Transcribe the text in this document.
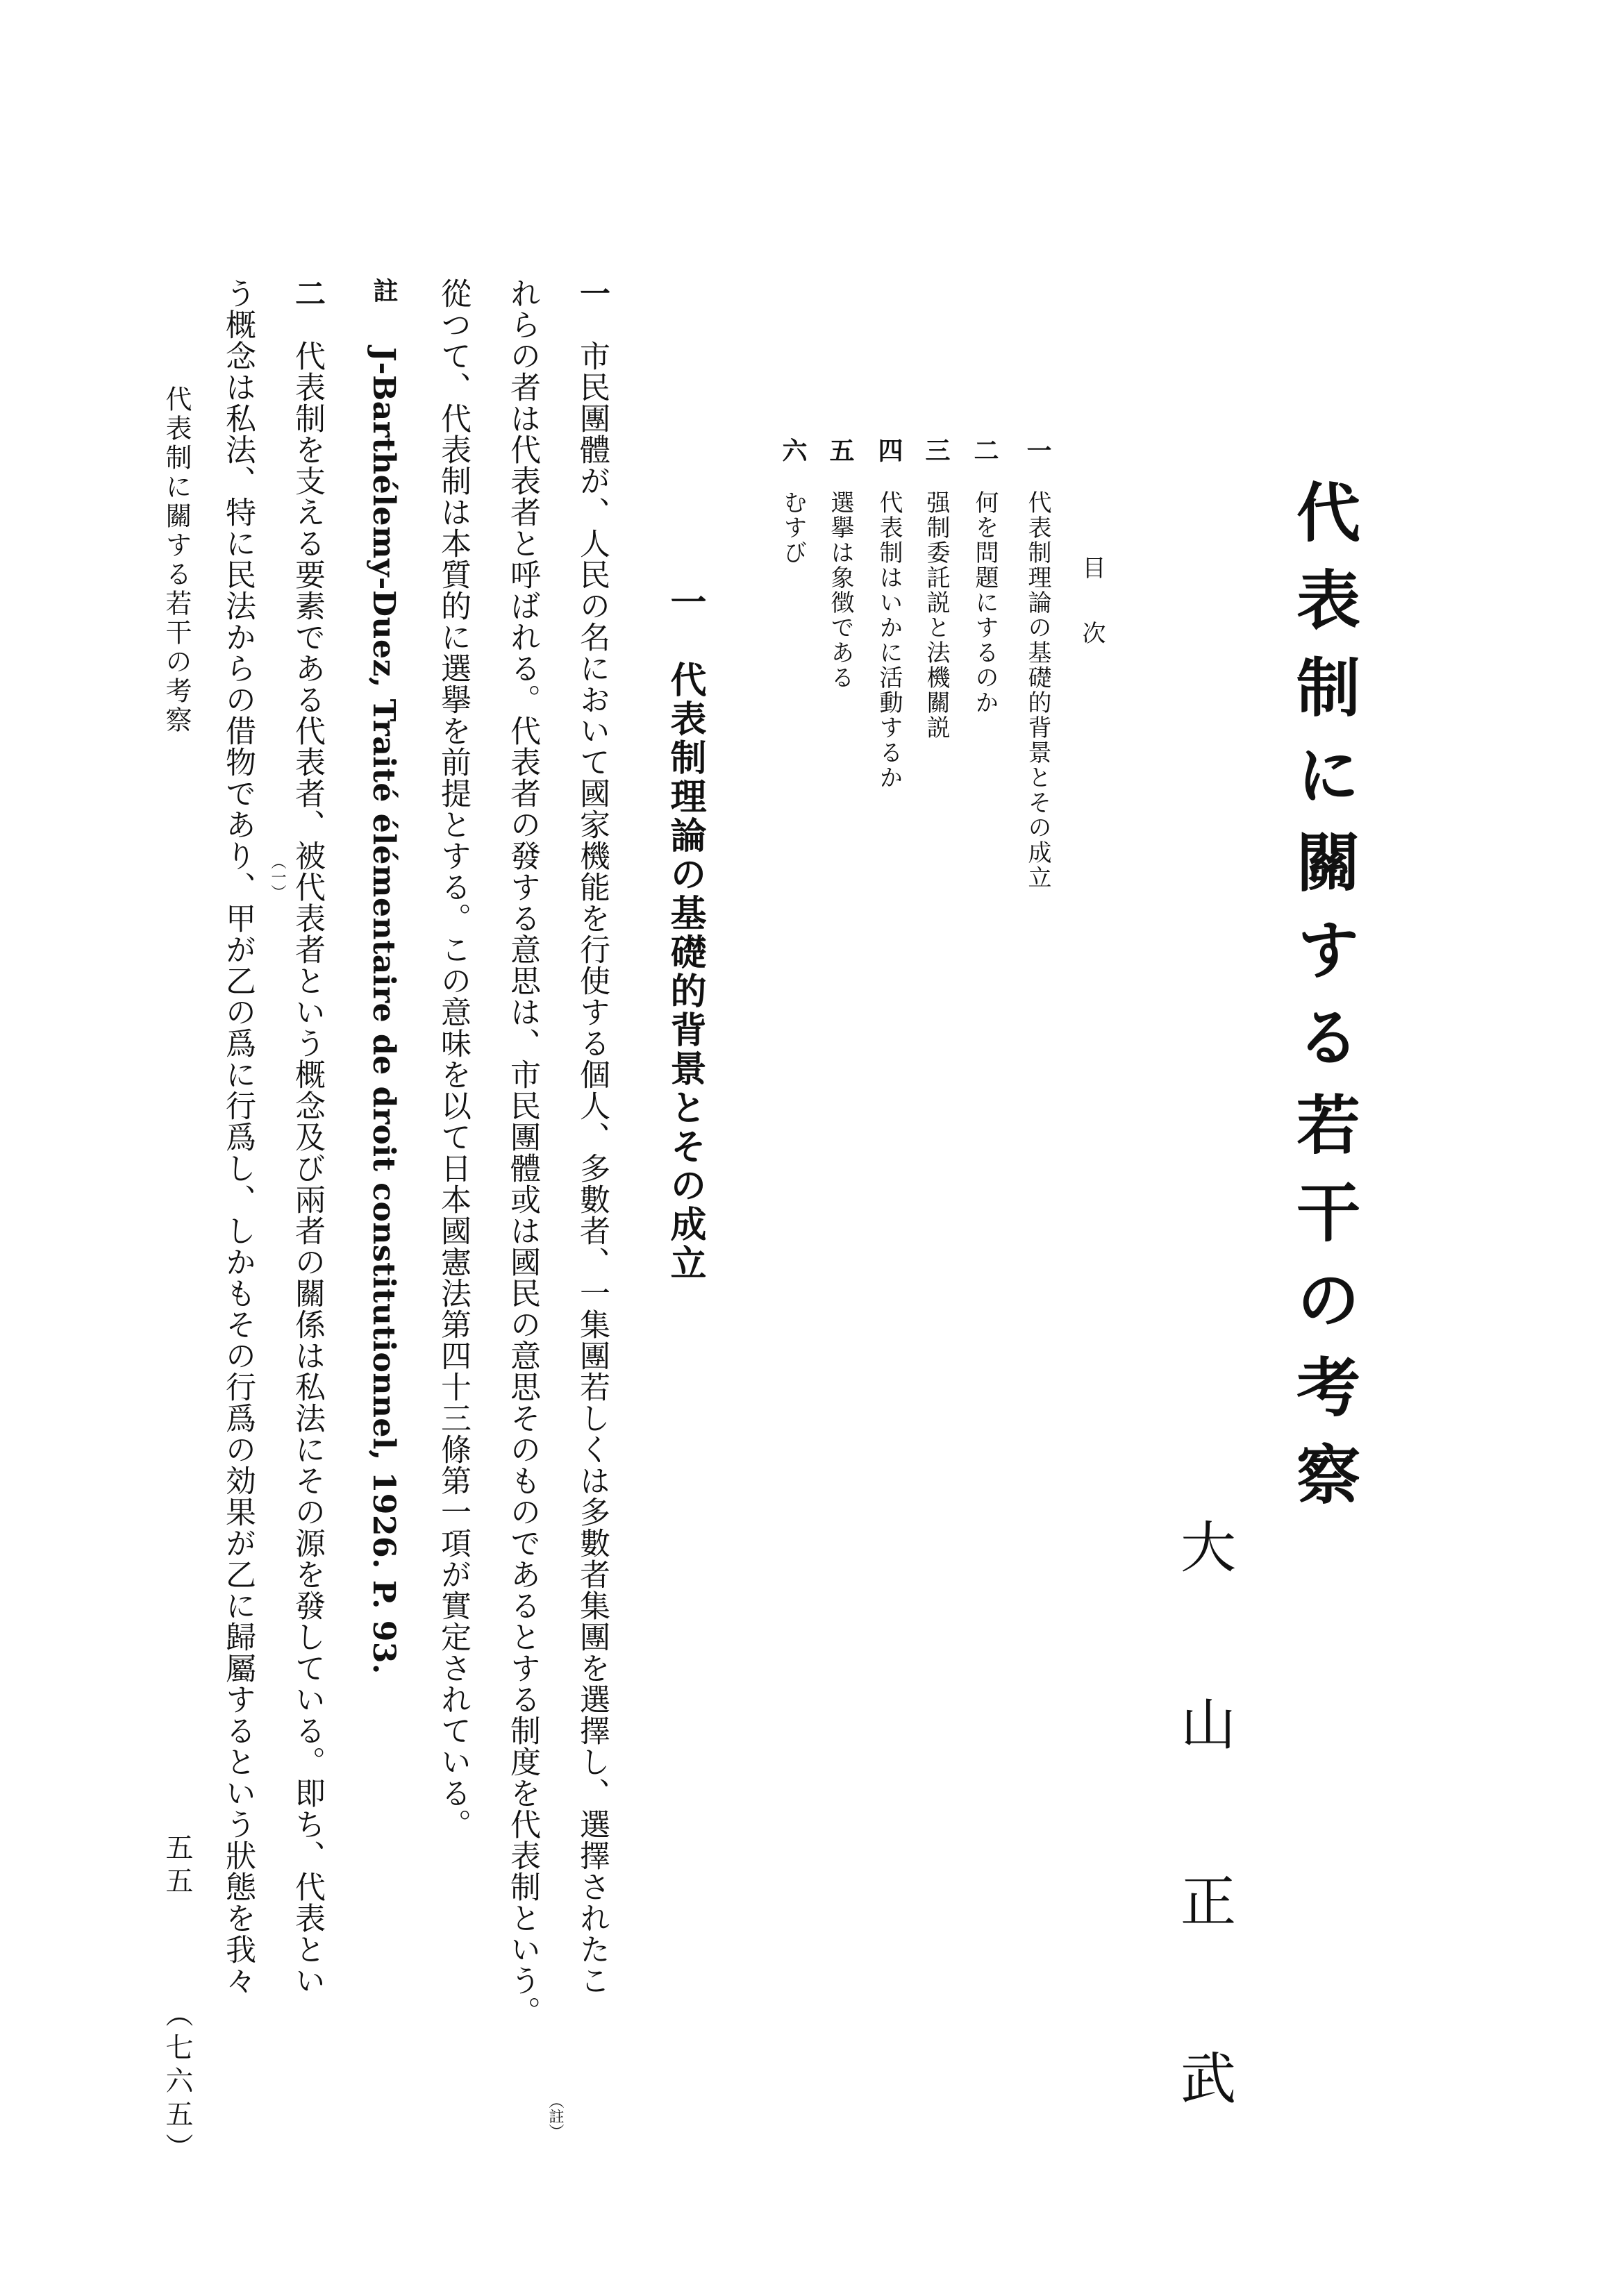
代表制に關する若干の考察
大
山
正
武
目次
一
代表制理論の基礎的背景とその成立
二
何を問題にするのか
三
强制委託説と法機關説
四
代表制はいかに活動するか
五
選擧は象徴である
六
むすび
一　代表制理論の基礎的背景とその成立
一　市民團體が、人民の名において國家機能を行使する個人、多數者、一集團若しくは多數者集團を選擇し、選擇されたこ
れらの者は代表者と呼ばれる。代表者の發する意思は、市民團體或は國民の意思そのものであるとする制度を代表制という。
（註）
從つて、代表制は本質的に選擧を前提とする。この意味を以て日本國憲法第四十三條第一項が實定されている。
註
J-Barthélemy-Duez, Traité élémentaire de droit constitutionnel, 1926. P. 93.
二　代表制を支える要素である代表者、被代表者という概念及び兩者の關係は私法にその源を發している。即ち、代表とい
（一）
う概念は私法、特に民法からの借物であり、甲が乙の爲に行爲し、しかもその行爲の効果が乙に歸屬するという狀態を我々
代表制に關する若干の考察
五五
（七六五）
